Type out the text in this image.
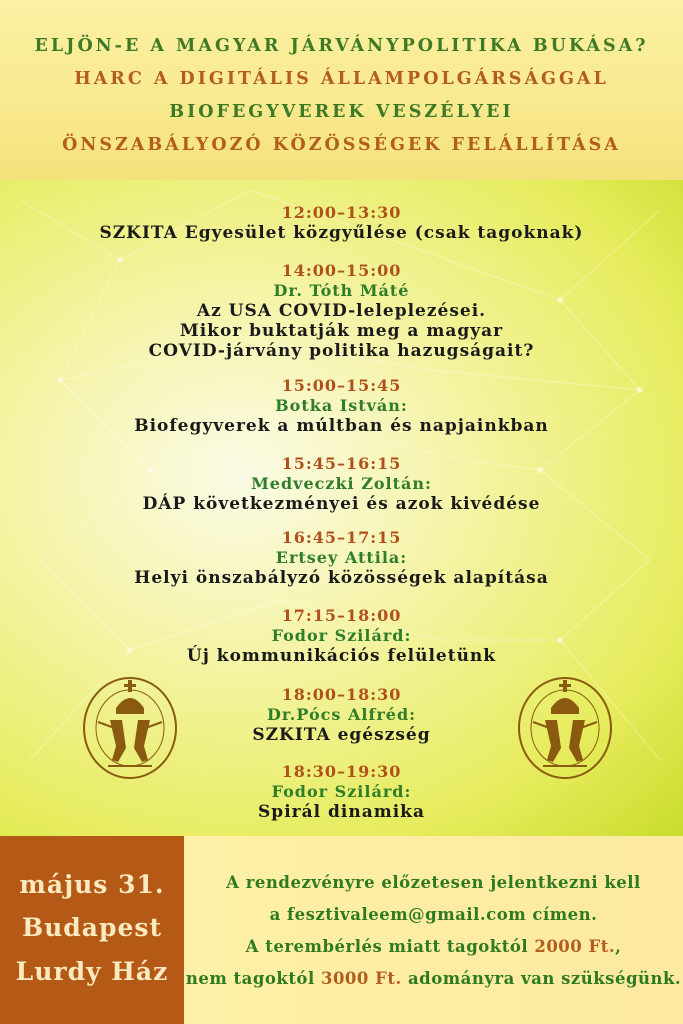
ELJÖN-E A MAGYAR JÁRVÁNYPOLITIKA BUKÁSA?
HARC A DIGITÁLIS ÁLLAMPOLGÁRSÁGGAL
BIOFEGYVEREK VESZÉLYEI
ÖNSZABÁLYOZÓ KÖZÖSSÉGEK FELÁLLÍTÁSA
12:00–13:30
SZKITA Egyesület közgyűlése (csak tagoknak)
14:00–15:00
Dr. Tóth Máté
Az USA COVID-leleplezései.
Mikor buktatják meg a magyar
COVID-járvány politika hazugságait?
15:00–15:45
Botka István:
Biofegyverek a múltban és napjainkban
15:45–16:15
Medveczki Zoltán:
DÁP következményei és azok kivédése
16:45–17:15
Ertsey Attila:
Helyi önszabályzó közösségek alapítása
17:15–18:00
Fodor Szilárd:
Új kommunikációs felületünk
18:00–18:30
Dr.Pócs Alfréd:
SZKITA egészség
18:30–19:30
Fodor Szilárd:
Spirál dinamika
május 31.
Budapest
Lurdy Ház
A rendezvényre előzetesen jelentkezni kell
a fesztivaleem@gmail.com címen.
A terembérlés miatt tagoktól 2000 Ft.,
nem tagoktól 3000 Ft. adományra van szükségünk.
